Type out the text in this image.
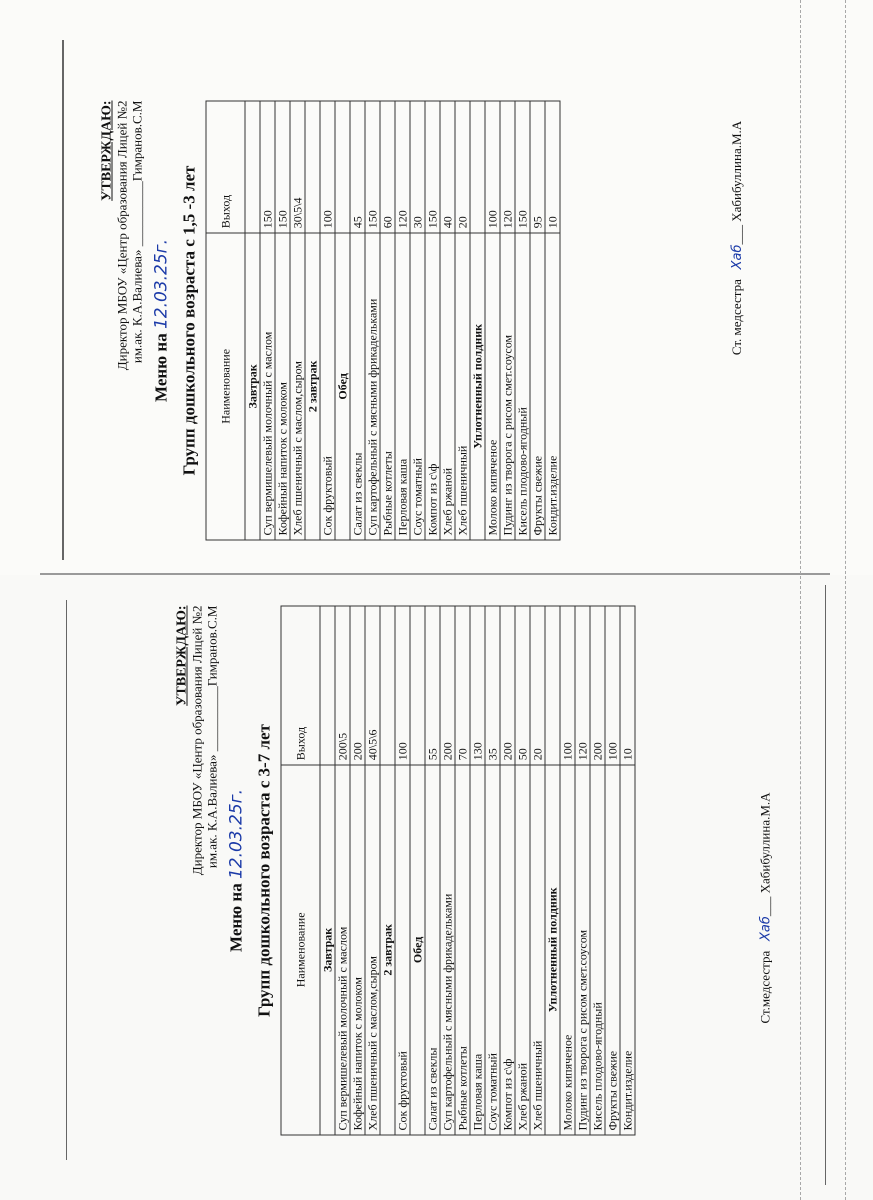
УТВЕРЖДАЮ: Директор МБОУ «Центр образования Лицей №2 им.ак. К.А.Валиева» __________Гимранов.С.М
Меню на 12.03.25г. Групп дошкольного возраста с 3-7 лет Наименование	Выход
Завтрак	
Суп вермишелевый молочный с маслом	200\5
Кофейный напиток с молоком	200
Хлеб пшеничный с маслом,сыром	40\5\6
2 завтрак	
Сок фруктовый	100
Обед	
Салат из свеклы	55
Суп картофельный с мясными фрикадельками	200
Рыбные котлеты	70
Перловая каша	130
Соус томатный	35
Компот из с\ф	200
Хлеб ржаной	50
Хлеб пшеничный	20
Уплотненный полдник	
Молоко кипяченое	100
Пудинг из творога с рисом смет.соусом	120
Кисель плодово-ягодный	200
Фрукты свежие	100
Кондит.изделие	10
УТВЕРЖДАЮ: Директор МБОУ «Центр образования Лицей №2 им.ак. К.А.Валиева» __________Гимранов.С.М
Меню на 12.03.25г. Групп дошкольного возраста с 1,5 -3 лет Наименование	Выход
Завтрак	
Суп вермишелевый молочный с маслом	150
Кофейный напиток с молоком	150
Хлеб пшеничный с маслом,сыром	30\5\4
2 завтрак	
Сок фруктовый	100
Обед	
Салат из свеклы	45
Суп картофельный с мясными фрикадельками	150
Рыбные котлеты	60
Перловая каша	120
Соус томатный	30
Компот из с\ф	150
Хлеб ржаной	40
Хлеб пшеничный	20
Уплотненный полдник	
Молоко кипяченое	100
Пудинг из творога с рисом смет.соусом	120
Кисель плодово-ягодный	150
Фрукты свежие	95
Кондит.изделие	10
Ст.медсестра   Хаб___ Хабибуллина.М.А
Ст. медсестра   Хаб___ Хабибуллина.М.А
